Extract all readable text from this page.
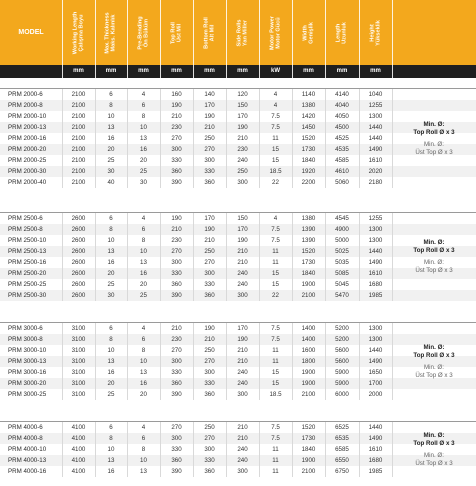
MODEL	Working Length Çalışma Boyu	Max. Thickness Maks. Kalınlık	Pre-Bending Ön Büküm	Top Roll Üst Mil	Bottom Roll Alt Mil	Side Rolls Yan Miller	Motor Power Motor Gücü	Width Genişlik	Length Uzunluk	Height Yükseklik
mm	mm	mm	mm	mm	mm	kW	mm	mm	mm
PRM 2000-6	2100	6	4	160	140	120	4	1140	4140	1040
PRM 2000-8	2100	8	6	190	170	150	4	1380	4040	1255
PRM 2000-10	2100	10	8	210	190	170	7.5	1420	4050	1300
PRM 2000-13	2100	13	10	230	210	190	7.5	1450	4500	1440
PRM 2000-16	2100	16	13	270	250	210	11	1520	4525	1440
PRM 2000-20	2100	20	16	300	270	230	15	1730	4535	1490
PRM 2000-25	2100	25	20	330	300	240	15	1840	4585	1610
PRM 2000-30	2100	30	25	360	330	250	18.5	1920	4610	2020
PRM 2000-40	2100	40	30	390	360	300	22	2200	5060	2180
Min. Ø:
Top Roll Ø x 3
Min. Ø:
Üst Top Ø x 3
PRM 2500-6	2600	6	4	190	170	150	4	1380	4545	1255
PRM 2500-8	2600	8	6	210	190	170	7.5	1390	4900	1300
PRM 2500-10	2600	10	8	230	210	190	7.5	1390	5000	1300
PRM 2500-13	2600	13	10	270	250	210	11	1520	5025	1440
PRM 2500-16	2600	16	13	300	270	210	11	1730	5035	1490
PRM 2500-20	2600	20	16	330	300	240	15	1840	5085	1610
PRM 2500-25	2600	25	20	360	330	240	15	1900	5045	1680
PRM 2500-30	2600	30	25	390	360	300	22	2100	5470	1985
Min. Ø:
Top Roll Ø x 3
Min. Ø:
Üst Top Ø x 3
PRM 3000-6	3100	6	4	210	190	170	7.5	1400	5200	1300
PRM 3000-8	3100	8	6	230	210	190	7.5	1400	5200	1300
PRM 3000-10	3100	10	8	270	250	210	11	1600	5600	1440
PRM 3000-13	3100	13	10	300	270	210	11	1800	5600	1490
PRM 3000-16	3100	16	13	330	300	240	15	1900	5900	1650
PRM 3000-20	3100	20	16	360	330	240	15	1900	5900	1700
PRM 3000-25	3100	25	20	390	360	300	18.5	2100	6000	2000
Min. Ø:
Top Roll Ø x 3
Min. Ø:
Üst Top Ø x 3
PRM 4000-6	4100	6	4	270	250	210	7.5	1520	6525	1440
PRM 4000-8	4100	8	6	300	270	210	7.5	1730	6535	1490
PRM 4000-10	4100	10	8	330	300	240	11	1840	6585	1610
PRM 4000-13	4100	13	10	360	330	240	11	1900	6550	1680
PRM 4000-16	4100	16	13	390	360	300	11	2100	6750	1985
Min. Ø:
Top Roll Ø x 3
Min. Ø:
Üst Top Ø x 3
